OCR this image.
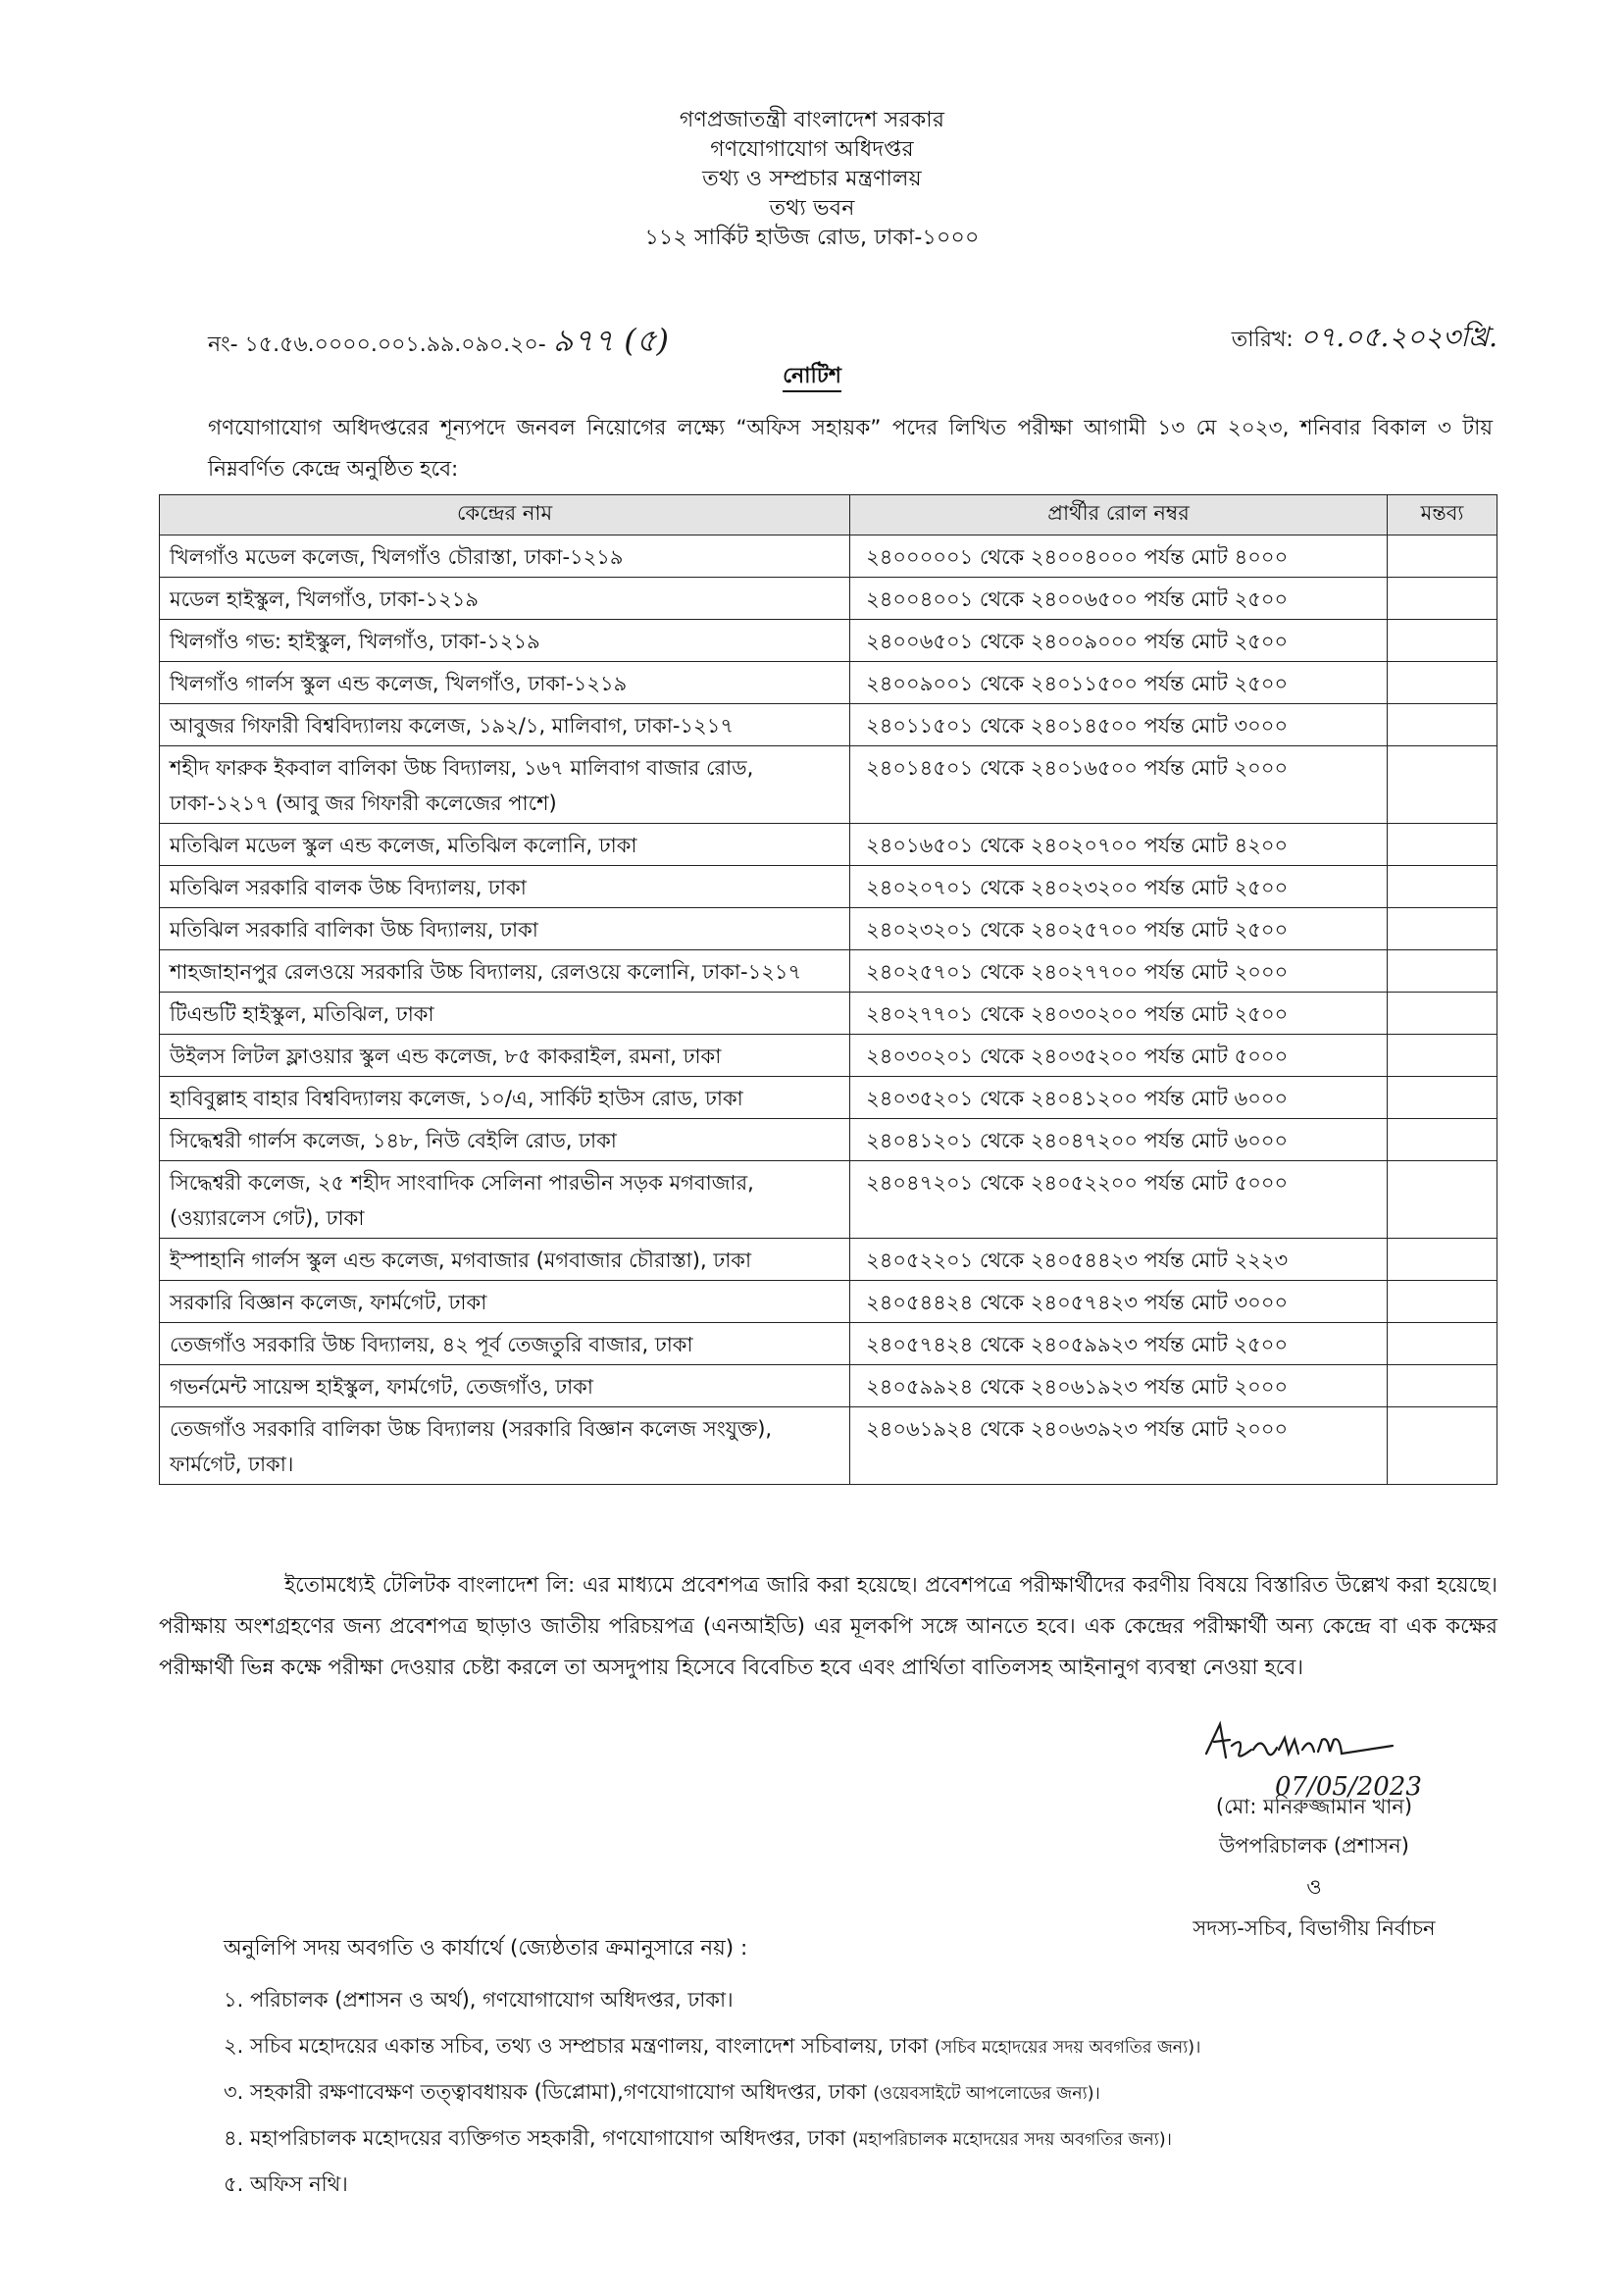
গণপ্রজাতন্ত্রী বাংলাদেশ সরকার
গণযোগাযোগ অধিদপ্তর
তথ্য ও সম্প্রচার মন্ত্রণালয়
তথ্য ভবন
১১২ সার্কিট হাউজ রোড, ঢাকা-১০০০
নং- ১৫.৫৬.০০০০.০০১.৯৯.০৯০.২০- ৯৭৭ (৫)	তারিখ: ০৭.০৫.২০২৩খ্রি.
নোটিশ
গণযোগাযোগ অধিদপ্তরের শূন্যপদে জনবল নিয়োগের লক্ষ্যে “অফিস সহায়ক” পদের লিখিত পরীক্ষা আগামী ১৩ মে ২০২৩, শনিবার বিকাল ৩ টায় নিম্নবর্ণিত কেন্দ্রে অনুষ্ঠিত হবে:
কেন্দ্রের নাম	প্রার্থীর রোল নম্বর	মন্তব্য
খিলগাঁও মডেল কলেজ, খিলগাঁও চৌরাস্তা, ঢাকা-১২১৯	২৪০০০০০১ থেকে ২৪০০৪০০০ পর্যন্ত মোট ৪০০০	
মডেল হাইস্কুল, খিলগাঁও, ঢাকা-১২১৯	২৪০০৪০০১ থেকে ২৪০০৬৫০০ পর্যন্ত মোট ২৫০০	
খিলগাঁও গভ: হাইস্কুল, খিলগাঁও, ঢাকা-১২১৯	২৪০০৬৫০১ থেকে ২৪০০৯০০০ পর্যন্ত মোট ২৫০০	
খিলগাঁও গার্লস স্কুল এন্ড কলেজ, খিলগাঁও, ঢাকা-১২১৯	২৪০০৯০০১ থেকে ২৪০১১৫০০ পর্যন্ত মোট ২৫০০	
আবুজর গিফারী বিশ্ববিদ্যালয় কলেজ, ১৯২/১, মালিবাগ, ঢাকা-১২১৭	২৪০১১৫০১ থেকে ২৪০১৪৫০০ পর্যন্ত মোট ৩০০০	
শহীদ ফারুক ইকবাল বালিকা উচ্চ বিদ্যালয়, ১৬৭ মালিবাগ বাজার রোড, ঢাকা-১২১৭ (আবু জর গিফারী কলেজের পাশে)	২৪০১৪৫০১ থেকে ২৪০১৬৫০০ পর্যন্ত মোট ২০০০	
মতিঝিল মডেল স্কুল এন্ড কলেজ, মতিঝিল কলোনি, ঢাকা	২৪০১৬৫০১ থেকে ২৪০২০৭০০ পর্যন্ত মোট ৪২০০	
মতিঝিল সরকারি বালক উচ্চ বিদ্যালয়, ঢাকা	২৪০২০৭০১ থেকে ২৪০২৩২০০ পর্যন্ত মোট ২৫০০	
মতিঝিল সরকারি বালিকা উচ্চ বিদ্যালয়, ঢাকা	২৪০২৩২০১ থেকে ২৪০২৫৭০০ পর্যন্ত মোট ২৫০০	
শাহজাহানপুর রেলওয়ে সরকারি উচ্চ বিদ্যালয়, রেলওয়ে কলোনি, ঢাকা-১২১৭	২৪০২৫৭০১ থেকে ২৪০২৭৭০০ পর্যন্ত মোট ২০০০	
টিএন্ডটি হাইস্কুল, মতিঝিল, ঢাকা	২৪০২৭৭০১ থেকে ২৪০৩০২০০ পর্যন্ত মোট ২৫০০	
উইলস লিটল ফ্লাওয়ার স্কুল এন্ড কলেজ, ৮৫ কাকরাইল, রমনা, ঢাকা	২৪০৩০২০১ থেকে ২৪০৩৫২০০ পর্যন্ত মোট ৫০০০	
হাবিবুল্লাহ বাহার বিশ্ববিদ্যালয় কলেজ, ১০/এ, সার্কিট হাউস রোড, ঢাকা	২৪০৩৫২০১ থেকে ২৪০৪১২০০ পর্যন্ত মোট ৬০০০	
সিদ্ধেশ্বরী গার্লস কলেজ, ১৪৮, নিউ বেইলি রোড, ঢাকা	২৪০৪১২০১ থেকে ২৪০৪৭২০০ পর্যন্ত মোট ৬০০০	
সিদ্ধেশ্বরী কলেজ, ২৫ শহীদ সাংবাদিক সেলিনা পারভীন সড়ক মগবাজার, (ওয়্যারলেস গেট), ঢাকা	২৪০৪৭২০১ থেকে ২৪০৫২২০০ পর্যন্ত মোট ৫০০০	
ইস্পাহানি গার্লস স্কুল এন্ড কলেজ, মগবাজার (মগবাজার চৌরাস্তা), ঢাকা	২৪০৫২২০১ থেকে ২৪০৫৪৪২৩ পর্যন্ত মোট ২২২৩	
সরকারি বিজ্ঞান কলেজ, ফার্মগেট, ঢাকা	২৪০৫৪৪২৪ থেকে ২৪০৫৭৪২৩ পর্যন্ত মোট ৩০০০	
তেজগাঁও সরকারি উচ্চ বিদ্যালয়, ৪২ পূর্ব তেজতুরি বাজার, ঢাকা	২৪০৫৭৪২৪ থেকে ২৪০৫৯৯২৩ পর্যন্ত মোট ২৫০০	
গভর্নমেন্ট সায়েন্স হাইস্কুল, ফার্মগেট, তেজগাঁও, ঢাকা	২৪০৫৯৯২৪ থেকে ২৪০৬১৯২৩ পর্যন্ত মোট ২০০০	
তেজগাঁও সরকারি বালিকা উচ্চ বিদ্যালয় (সরকারি বিজ্ঞান কলেজ সংযুক্ত), ফার্মগেট, ঢাকা।	২৪০৬১৯২৪ থেকে ২৪০৬৩৯২৩ পর্যন্ত মোট ২০০০	
ইতোমধ্যেই টেলিটক বাংলাদেশ লি: এর মাধ্যমে প্রবেশপত্র জারি করা হয়েছে। প্রবেশপত্রে পরীক্ষার্থীদের করণীয় বিষয়ে বিস্তারিত উল্লেখ করা হয়েছে। পরীক্ষায় অংশগ্রহণের জন্য প্রবেশপত্র ছাড়াও জাতীয় পরিচয়পত্র (এনআইডি) এর মূলকপি সঙ্গে আনতে হবে। এক কেন্দ্রের পরীক্ষার্থী অন্য কেন্দ্রে বা এক কক্ষের পরীক্ষার্থী ভিন্ন কক্ষে পরীক্ষা দেওয়ার চেষ্টা করলে তা অসদুপায় হিসেবে বিবেচিত হবে এবং প্রার্থিতা বাতিলসহ আইনানুগ ব্যবস্থা নেওয়া হবে।
07/05/2023
(মো: মনিরুজ্জামান খান)
উপপরিচালক (প্রশাসন)
ও
সদস্য-সচিব, বিভাগীয় নির্বাচন
অনুলিপি সদয় অবগতি ও কার্যার্থে (জ্যেষ্ঠতার ক্রমানুসারে নয়) :
১. পরিচালক (প্রশাসন ও অর্থ), গণযোগাযোগ অধিদপ্তর, ঢাকা।
২. সচিব মহোদয়ের একান্ত সচিব, তথ্য ও সম্প্রচার মন্ত্রণালয়, বাংলাদেশ সচিবালয়, ঢাকা (সচিব মহোদয়ের সদয় অবগতির জন্য)।
৩. সহকারী রক্ষণাবেক্ষণ তত্ত্বাবধায়ক (ডিপ্লোমা),গণযোগাযোগ অধিদপ্তর, ঢাকা (ওয়েবসাইটে আপলোডের জন্য)।
৪. মহাপরিচালক মহোদয়ের ব্যক্তিগত সহকারী, গণযোগাযোগ অধিদপ্তর, ঢাকা (মহাপরিচালক মহোদয়ের সদয় অবগতির জন্য)।
৫. অফিস নথি।
